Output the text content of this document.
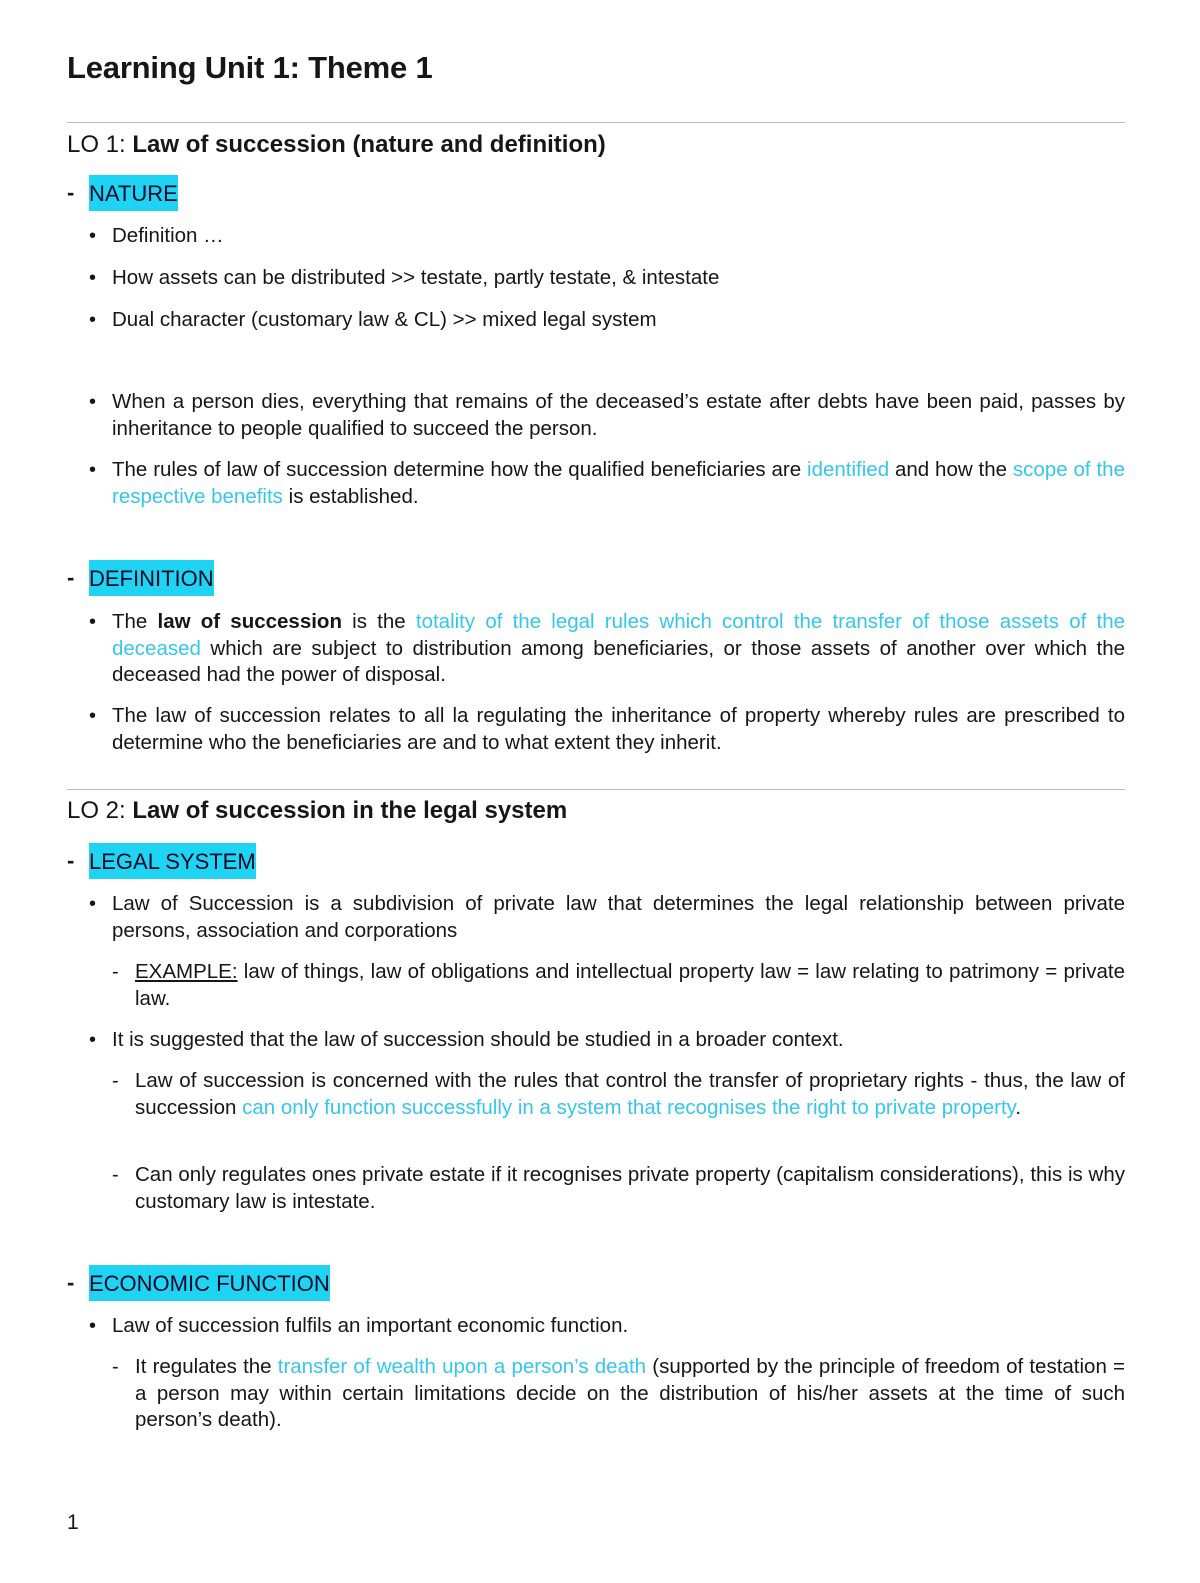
Learning Unit 1: Theme 1
LO 1: Law of succession (nature and definition)
- NATURE
• Definition …
• How assets can be distributed >> testate, partly testate, & intestate
• Dual character (customary law & CL) >> mixed legal system
• When a person dies, everything that remains of the deceased’s estate after debts have been paid, passes by inheritance to people qualified to succeed the person.
• The rules of law of succession determine how the qualified beneficiaries are identified and how the scope of the respective benefits is established.
- DEFINITION
• The law of succession is the totality of the legal rules which control the transfer of those assets of the deceased which are subject to distribution among beneficiaries, or those assets of another over which the deceased had the power of disposal.
• The law of succession relates to all la regulating the inheritance of property whereby rules are prescribed to determine who the beneficiaries are and to what extent they inherit.
LO 2: Law of succession in the legal system
- LEGAL SYSTEM
• Law of Succession is a subdivision of private law that determines the legal relationship between private persons, association and corporations
- EXAMPLE: law of things, law of obligations and intellectual property law = law relating to patrimony = private law.
• It is suggested that the law of succession should be studied in a broader context.
- Law of succession is concerned with the rules that control the transfer of proprietary rights - thus, the law of succession can only function successfully in a system that recognises the right to private property.
- Can only regulates ones private estate if it recognises private property (capitalism considerations), this is why customary law is intestate.
- ECONOMIC FUNCTION
• Law of succession fulfils an important economic function.
- It regulates the transfer of wealth upon a person’s death (supported by the principle of freedom of testation = a person may within certain limitations decide on the distribution of his/her assets at the time of such person’s death).
1
